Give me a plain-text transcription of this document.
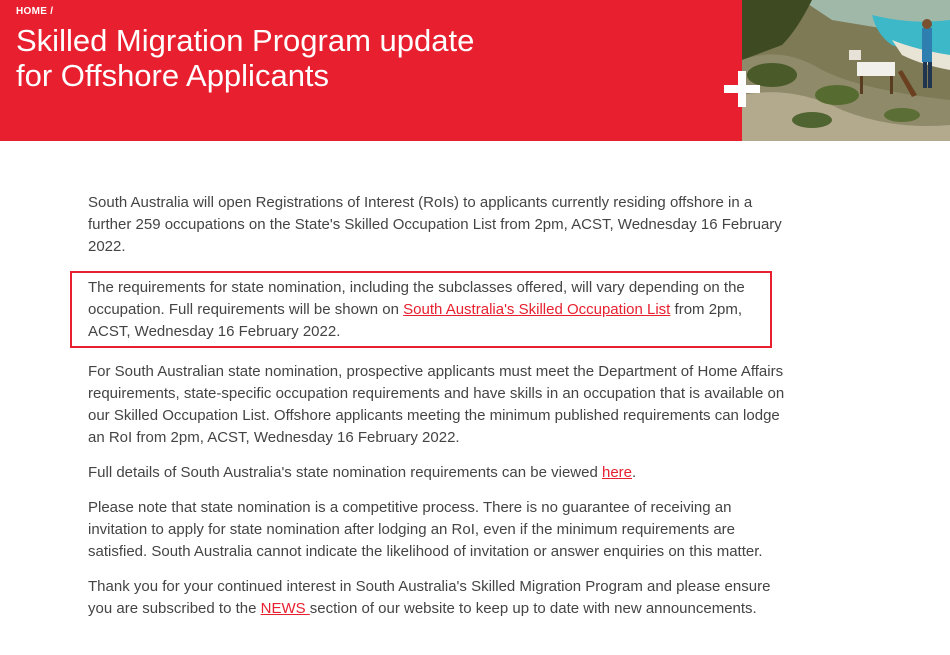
HOME /
Skilled Migration Program update
for Offshore Applicants

South Australia will open Registrations of Interest (RoIs) to applicants currently residing offshore in a further 259 occupations on the State's Skilled Occupation List from 2pm, ACST, Wednesday 16 February 2022.

The requirements for state nomination, including the subclasses offered, will vary depending on the occupation. Full requirements will be shown on South Australia's Skilled Occupation List from 2pm, ACST, Wednesday 16 February 2022.

For South Australian state nomination, prospective applicants must meet the Department of Home Affairs requirements, state-specific occupation requirements and have skills in an occupation that is available on our Skilled Occupation List. Offshore applicants meeting the minimum published requirements can lodge an RoI from 2pm, ACST, Wednesday 16 February 2022.

Full details of South Australia's state nomination requirements can be viewed here.

Please note that state nomination is a competitive process. There is no guarantee of receiving an invitation to apply for state nomination after lodging an RoI, even if the minimum requirements are satisfied. South Australia cannot indicate the likelihood of invitation or answer enquiries on this matter.

Thank you for your continued interest in South Australia's Skilled Migration Program and please ensure you are subscribed to the NEWS section of our website to keep up to date with new announcements.
